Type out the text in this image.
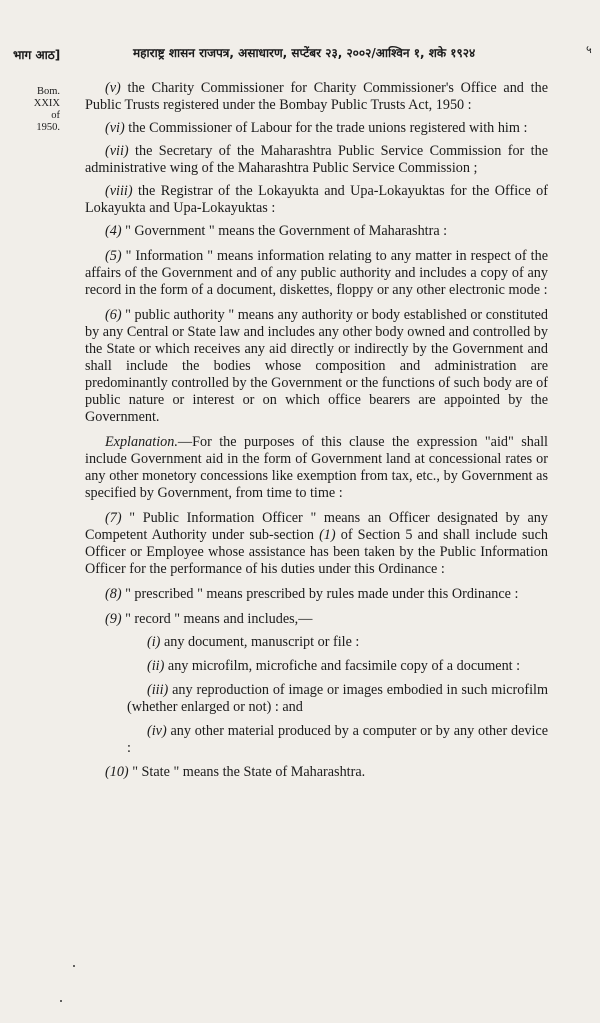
भाग आठ]	महाराष्ट्र शासन राजपत्र, असाधारण, सप्टेंबर २३, २००२/आश्विन १, शके १९२४	५
Bom.
XXIX
of
1950.

(v) the Charity Commissioner for Charity Commissioner's Office and the Public Trusts registered under the Bombay Public Trusts Act, 1950 :

(vi) the Commissioner of Labour for the trade unions registered with him :

(vii) the Secretary of the Maharashtra Public Service Commission for the administrative wing of the Maharashtra Public Service Commission ;

(viii) the Registrar of the Lokayukta and Upa-Lokayuktas for the Office of Lokayukta and Upa-Lokayuktas :

(4) " Government " means the Government of Maharashtra :

(5) " Information " means information relating to any matter in respect of the affairs of the Government and of any public authority and includes a copy of any record in the form of a document, diskettes, floppy or any other electronic mode :

(6) " public authority " means any authority or body established or constituted by any Central or State law and includes any other body owned and controlled by the State or which receives any aid directly or indirectly by the Government and shall include the bodies whose composition and administration are predominantly controlled by the Government or the functions of such body are of public nature or interest or on which office bearers are appointed by the Government.

Explanation.—For the purposes of this clause the expression "aid" shall include Government aid in the form of Government land at concessional rates or any other monetory concessions like exemption from tax, etc., by Government as specified by Government, from time to time :

(7) " Public Information Officer " means an Officer designated by any Competent Authority under sub-section (1) of Section 5 and shall include such Officer or Employee whose assistance has been taken by the Public Information Officer for the performance of his duties under this Ordinance :

(8) " prescribed " means prescribed by rules made under this Ordinance :

(9) " record " means and includes,—

(i) any document, manuscript or file :

(ii) any microfilm, microfiche and facsimile copy of a document :

(iii) any reproduction of image or images embodied in such microfilm (whether enlarged or not) : and

(iv) any other material produced by a computer or by any other device :

(10) " State " means the State of Maharashtra.
